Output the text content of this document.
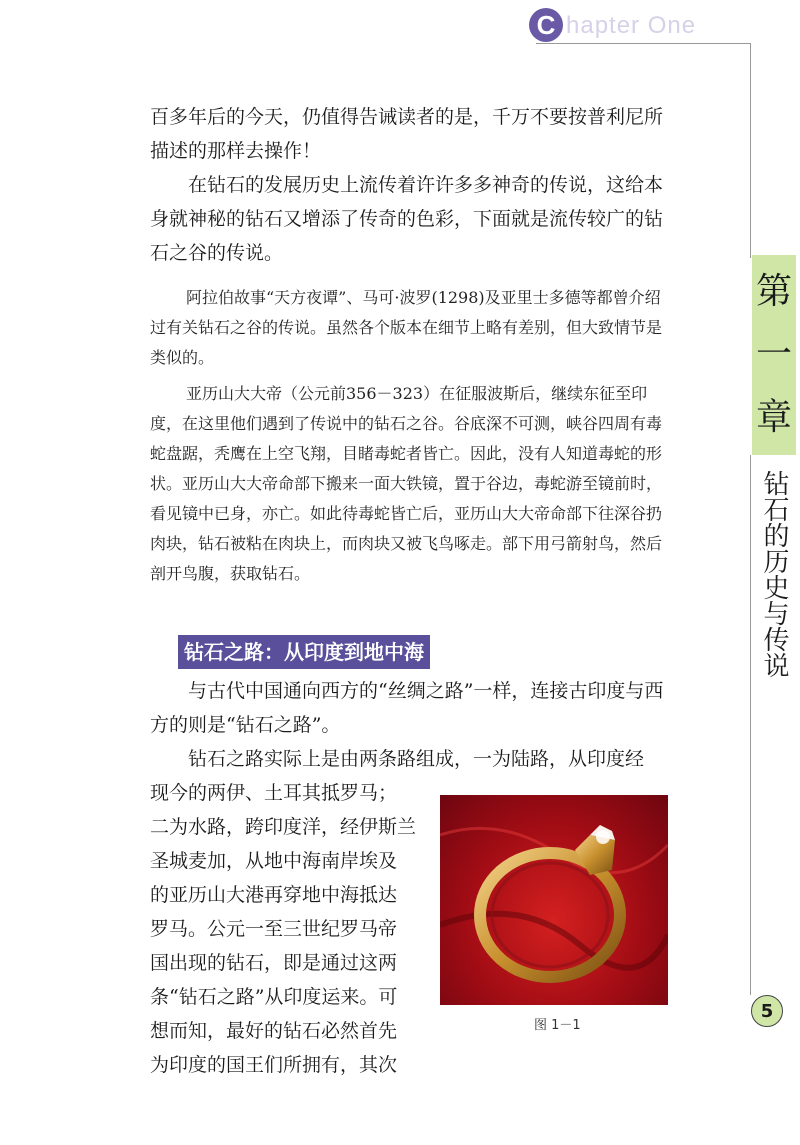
C hapter One
第
一
章
钻石的历史与传说
5

百多年后的今天，仍值得告诫读者的是，千万不要按普利尼所描述的那样去操作！

在钻石的发展历史上流传着许许多多神奇的传说，这给本身就神秘的钻石又增添了传奇的色彩，下面就是流传较广的钻石之谷的传说。

阿拉伯故事“天方夜谭”、马可·波罗(1298)及亚里士多德等都曾介绍过有关钻石之谷的传说。虽然各个版本在细节上略有差别，但大致情节是类似的。

亚历山大大帝（公元前356－323）在征服波斯后，继续东征至印度，在这里他们遇到了传说中的钻石之谷。谷底深不可测，峡谷四周有毒蛇盘踞，秃鹰在上空飞翔，目睹毒蛇者皆亡。因此，没有人知道毒蛇的形状。亚历山大大帝命部下搬来一面大铁镜，置于谷边，毒蛇游至镜前时，看见镜中已身，亦亡。如此待毒蛇皆亡后，亚历山大大帝命部下往深谷扔肉块，钻石被粘在肉块上，而肉块又被飞鸟啄走。部下用弓箭射鸟，然后剖开鸟腹，获取钻石。

钻石之路：从印度到地中海

与古代中国通向西方的“丝绸之路”一样，连接古印度与西方的则是“钻石之路”。

钻石之路实际上是由两条路组成，一为陆路，从印度经

现今的两伊、土耳其抵罗马；

二为水路，跨印度洋，经伊斯兰

圣城麦加，从地中海南岸埃及

的亚历山大港再穿地中海抵达

罗马。公元一至三世纪罗马帝

国出现的钻石，即是通过这两

条“钻石之路”从印度运来。可

想而知，最好的钻石必然首先

为印度的国王们所拥有，其次

图 1－1
